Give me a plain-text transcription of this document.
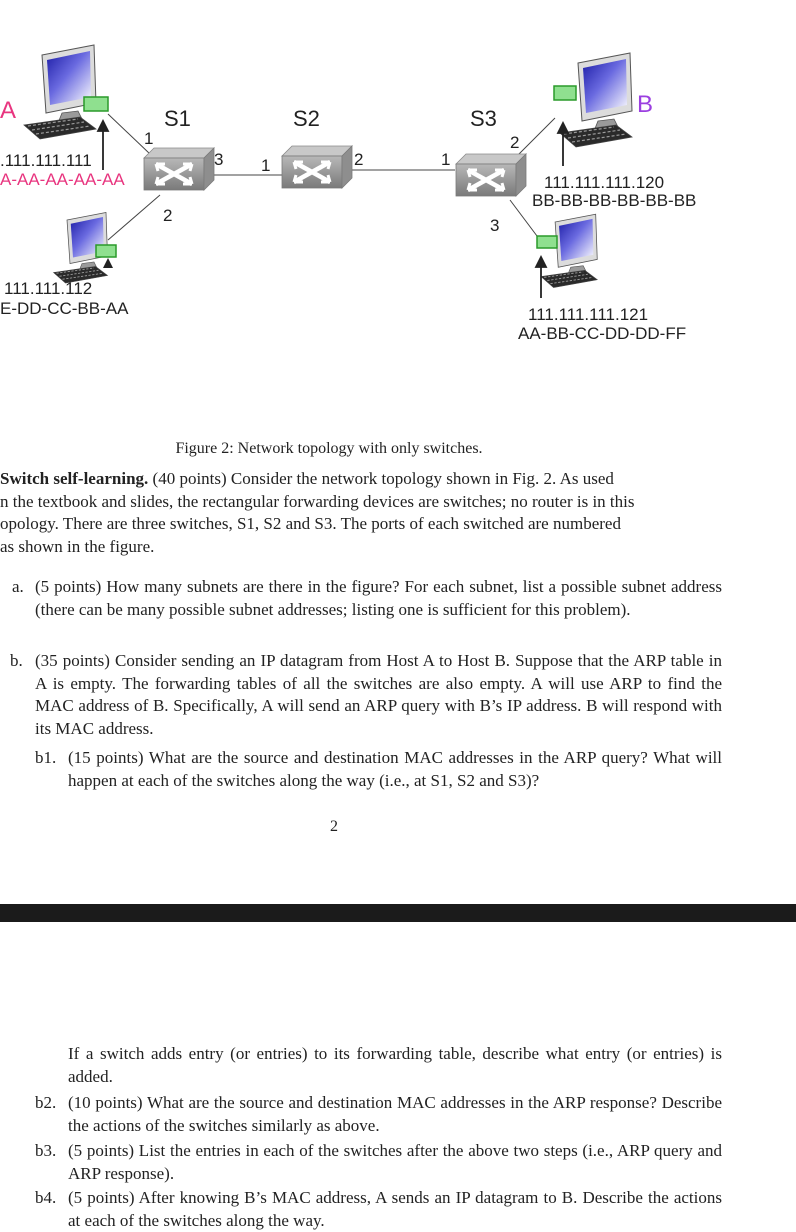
S1	S2	S3
1
3
2
1	2	1
2
3
A
.111.111.111
A-AA-AA-AA-AA
B
111.111.111.120
BB-BB-BB-BB-BB-BB
111.111.112
E-DD-CC-BB-AA	111.111.111.121
AA-BB-CC-DD-DD-FF
Figure 2: Network topology with only switches.
Switch self-learning. (40 points) Consider the network topology shown in Fig. 2. As used
n the textbook and slides, the rectangular forwarding devices are switches; no router is in this
opology. There are three switches, S1, S2 and S3. The ports of each switched are numbered
as shown in the figure.
a. (5 points) How many subnets are there in the figure? For each subnet, list a possible subnet address (there can be many possible subnet addresses; listing one is sufficient for this problem).
b. (35 points) Consider sending an IP datagram from Host A to Host B. Suppose that the ARP table in A is empty. The forwarding tables of all the switches are also empty. A will use ARP to find the MAC address of B. Specifically, A will send an ARP query with B’s IP address. B will respond with its MAC address.
b1. (15 points) What are the source and destination MAC addresses in the ARP query? What will happen at each of the switches along the way (i.e., at S1, S2 and S3)?
2
If a switch adds entry (or entries) to its forwarding table, describe what entry (or entries) is added.
b2. (10 points) What are the source and destination MAC addresses in the ARP response? Describe the actions of the switches similarly as above.
b3. (5 points) List the entries in each of the switches after the above two steps (i.e., ARP query and ARP response).
b4. (5 points) After knowing B’s MAC address, A sends an IP datagram to B. Describe the actions at each of the switches along the way.
